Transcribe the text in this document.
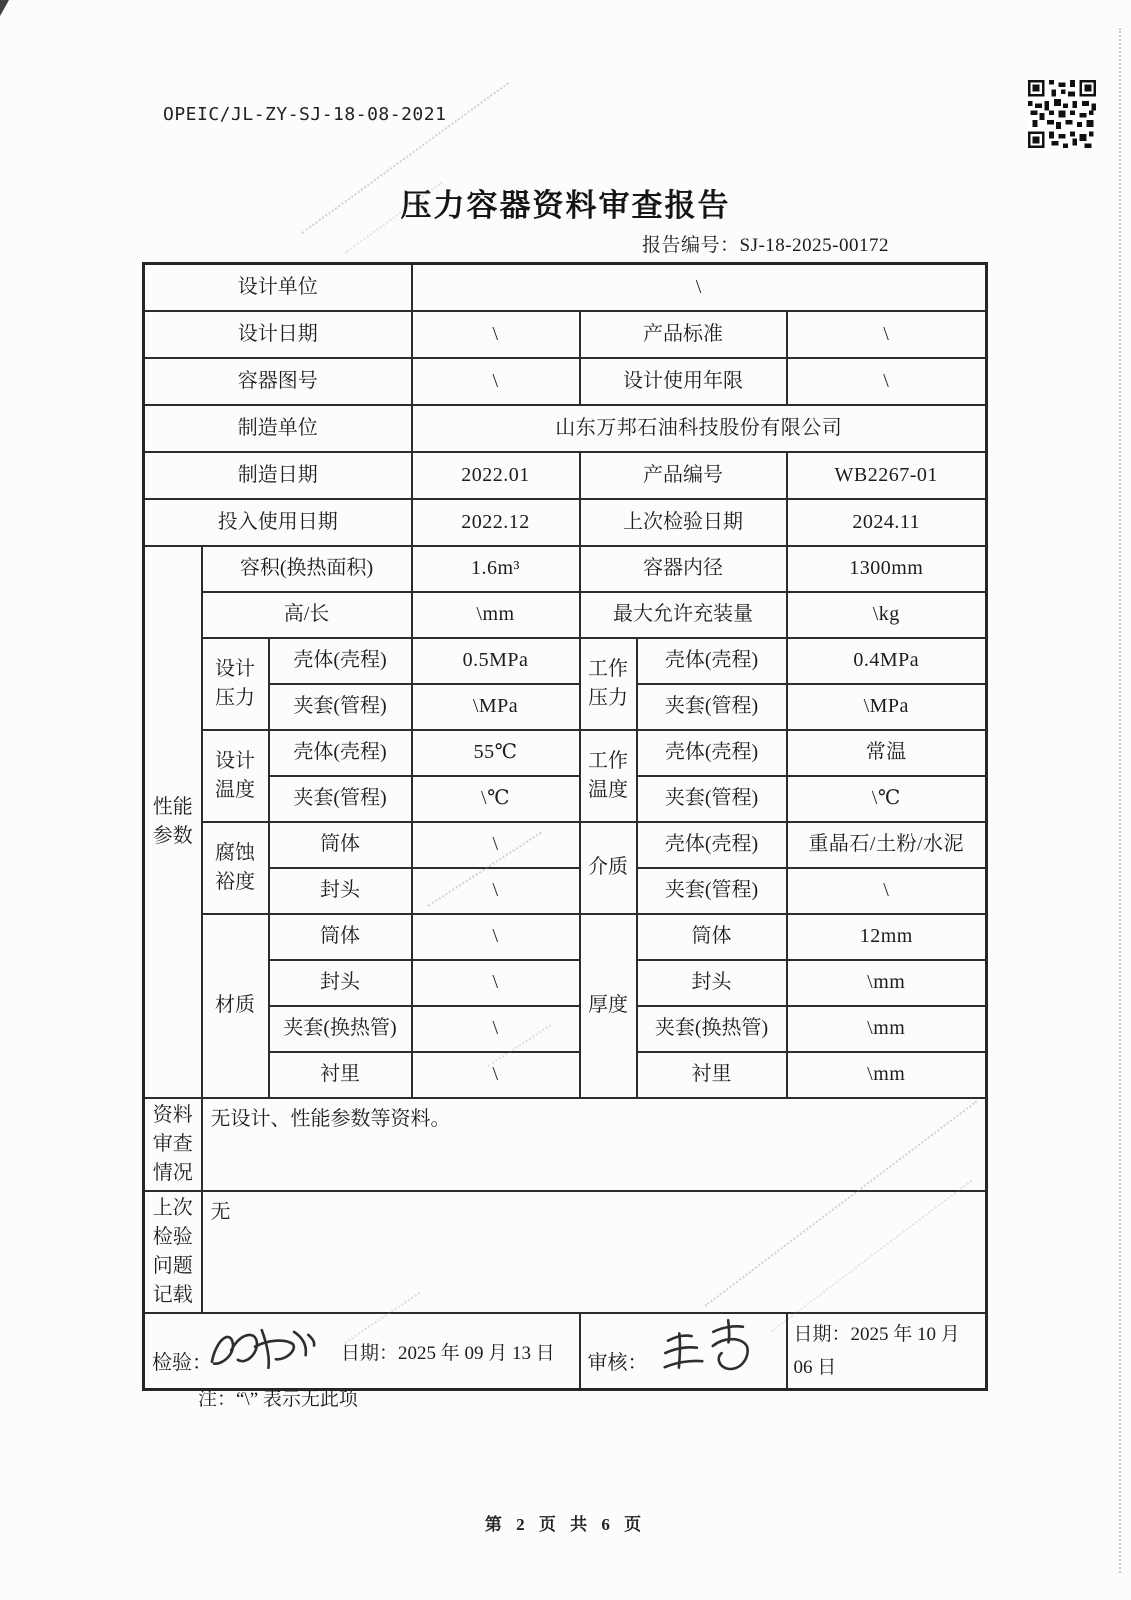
OPEIC/JL-ZY-SJ-18-08-2021
压力容器资料审查报告
报告编号：SJ-18-2025-00172
设计单位			\			
设计日期			\	产品标准		\
容器图号			\	设计使用年限		\
制造单位			山东万邦石油科技股份有限公司			
制造日期			2022.01	产品编号		WB2267-01
投入使用日期			2022.12	上次检验日期		2024.11
性能参数	容积(换热面积)		1.6m³	容器内径		1300mm
	高/长		\mm	最大允许充装量		\kg
	设计压力	壳体(壳程)	0.5MPa	工作压力	壳体(壳程)	0.4MPa
		夹套(管程)	\MPa		夹套(管程)	\MPa
	设计温度	壳体(壳程)	55℃	工作温度	壳体(壳程)	常温
		夹套(管程)	\℃		夹套(管程)	\℃
	腐蚀裕度	筒体	\	介质	壳体(壳程)	重晶石/土粉/水泥
		封头	\		夹套(管程)	\
	材质	筒体	\	厚度	筒体	12mm
		封头	\		封头	\mm
		夹套(换热管)	\		夹套(换热管)	\mm
		衬里	\		衬里	\mm
资料审查情况	无设计、性能参数等资料。					
上次检验问题记载	无					

检验：	日期：2025 年 09 月 13 日	审核：

日期：2025 年 10 月
06 日
注：“\” 表示无此项
第 2 页 共 6 页
